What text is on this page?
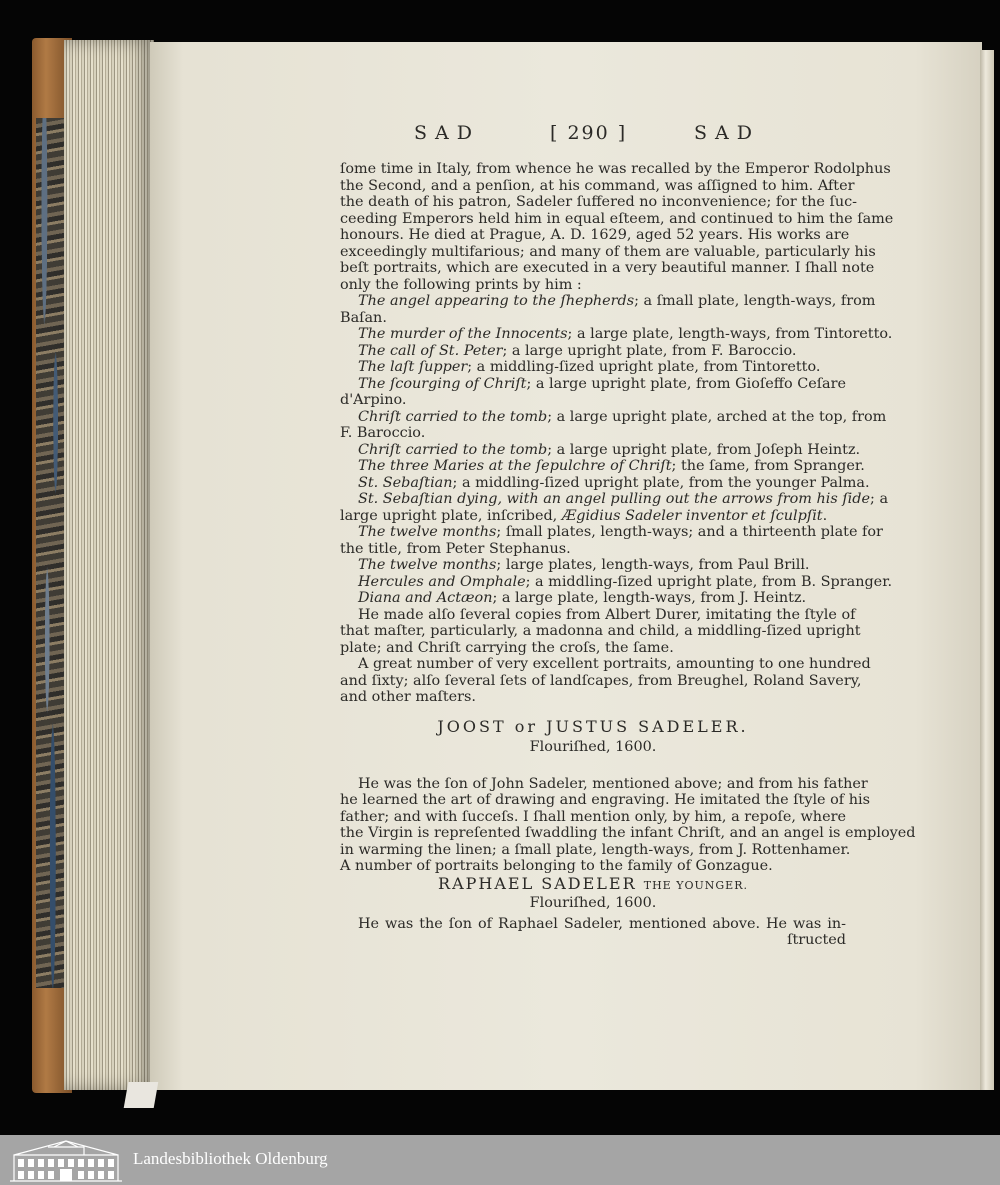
SAD	[ 290 ]	SAD
ſome time in Italy, from whence he was recalled by the Emperor Rodolphus
the Second, and a penſion, at his command, was aſſigned to him. After
the death of his patron, Sadeler ſuffered no inconvenience; for the ſuc-
ceeding Emperors held him in equal eſteem, and continued to him the ſame
honours. He died at Prague, A. D. 1629, aged 52 years. His works are
exceedingly multifarious; and many of them are valuable, particularly his
beſt portraits, which are executed in a very beautiful manner. I ſhall note
only the following prints by him :
The angel appearing to the ſhepherds; a ſmall plate, length-ways, from
Baſan.
The murder of the Innocents; a large plate, length-ways, from Tintoretto.
The call of St. Peter; a large upright plate, from F. Baroccio.
The laſt ſupper; a middling-ſized upright plate, from Tintoretto.
The ſcourging of Chriſt; a large upright plate, from Gioſeffo Ceſare
d'Arpino.
Chriſt carried to the tomb; a large upright plate, arched at the top, from
F. Baroccio.
Chriſt carried to the tomb; a large upright plate, from Joſeph Heintz.
The three Maries at the ſepulchre of Chriſt; the ſame, from Spranger.
St. Sebaſtian; a middling-ſized upright plate, from the younger Palma.
St. Sebaſtian dying, with an angel pulling out the arrows from his ſide
large upright plate, inſcribed, Ægidius Sadeler inventor et ſculpſit.
The twelve months; ſmall plates, length-ways; and a thirteenth plate for
the title, from Peter Stephanus.
The twelve months; large plates, length-ways, from Paul Brill.
Hercules and Omphale; a middling-ſized upright plate, from B. Spranger.
Diana and Actæon; a large plate, length-ways, from J. Heintz.
He made alſo ſeveral copies from Albert Durer, imitating the ſtyle of
that maſter, particularly, a madonna and child, a middling-ſized upright
plate; and Chriſt carrying the croſs, the ſame.
A great number of very excellent portraits, amounting to one hundred
and ſixty; alſo ſeveral ſets of landſcapes, from Breughel, Roland Savery,
and other maſters.
JOOST or JUSTUS SADELER.
Flouriſhed, 1600.
He was the ſon of John Sadeler, mentioned above; and from his father
he learned the art of drawing and engraving. He imitated the ſtyle of his
father; and with ſucceſs. I ſhall mention only, by him, a repoſe, where
the Virgin is repreſented ſwaddling the infant Chriſt, and an angel is employed
in warming the linen; a ſmall plate, length-ways, from J. Rottenhamer.
A number of portraits belonging to the family of Gonzague.
RAPHAEL SADELER THE YOUNGER.
Flouriſhed, 1600.
He was the ſon of Raphael Sadeler, mentioned above. He was in-
ſtructed
Landesbibliothek Oldenburg
